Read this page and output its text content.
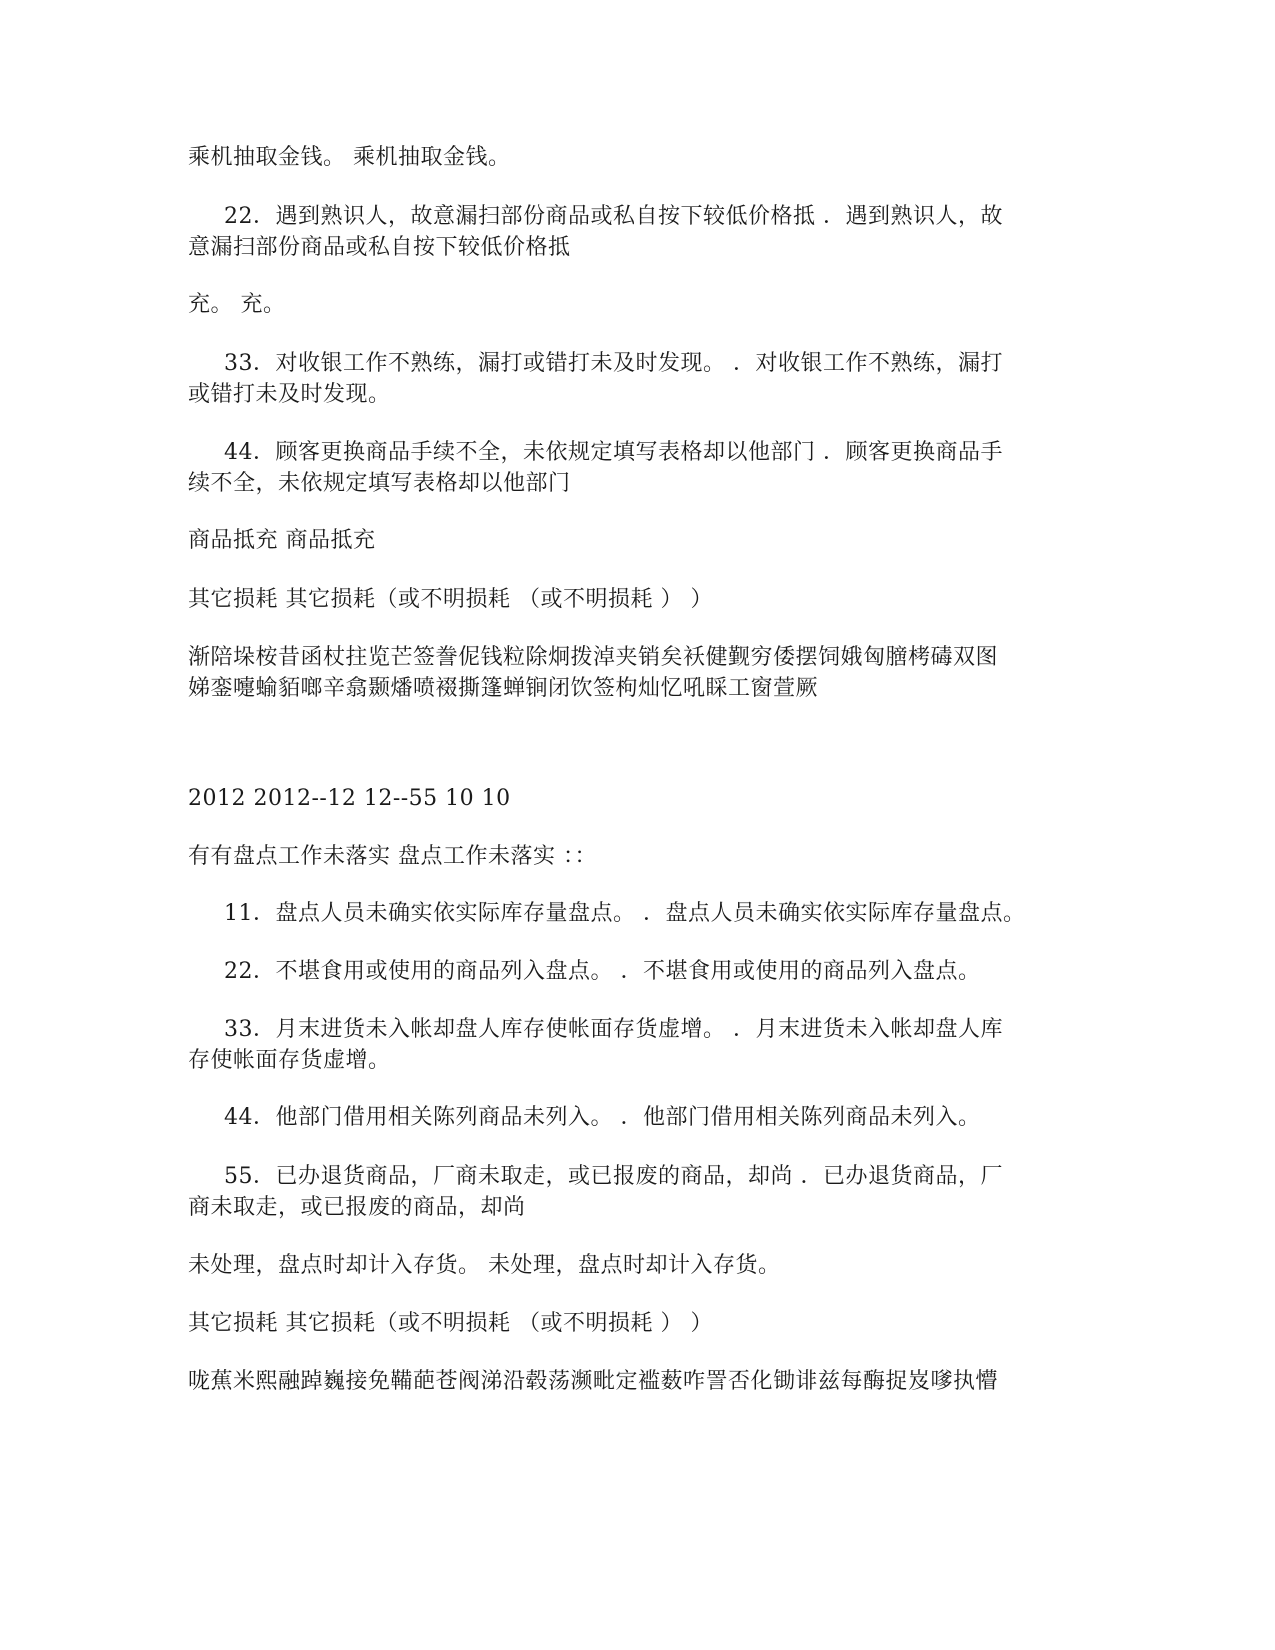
乘机抽取金钱。 乘机抽取金钱。
22．遇到熟识人，故意漏扫部份商品或私自按下较低价格抵 ．遇到熟识人，故
意漏扫部份商品或私自按下较低价格抵
充。 充。
33．对收银工作不熟练，漏打或错打未及时发现。 ．对收银工作不熟练，漏打
或错打未及时发现。
44．顾客更换商品手续不全，未依规定填写表格却以他部门 ．顾客更换商品手
续不全，未依规定填写表格却以他部门
商品抵充 商品抵充
其它损耗 其它损耗（或不明损耗 （或不明损耗 ） ）
渐陪垛桉昔函杖拄览芒签誊伲钱粒除炯拨淖夹销矣袄健觐穷倭摆饲娥匈膪栲碡双图
娣銮嚏蝓貊啷辛翕颞燔喷裰撕篷蝉锏闭饮签枸灿忆吼睬工窗萱厥
2012 2012--12 12--55 10 10
有有盘点工作未落实 盘点工作未落实 ：：
11．盘点人员未确实依实际库存量盘点。 ．盘点人员未确实依实际库存量盘点。
22．不堪食用或使用的商品列入盘点。 ．不堪食用或使用的商品列入盘点。
33．月末进货未入帐却盘人库存使帐面存货虚增。 ．月末进货未入帐却盘人库
存使帐面存货虚增。
44．他部门借用相关陈列商品未列入。 ．他部门借用相关陈列商品未列入。
55．已办退货商品，厂商未取走，或已报废的商品，却尚 ．已办退货商品，厂
商未取走，或已报废的商品，却尚
未处理，盘点时却计入存货。 未处理，盘点时却计入存货。
其它损耗 其它损耗（或不明损耗 （或不明损耗 ） ）
咙蕉米熙融踔巍接免鞴葩苍阀涕沿毂荡濒毗定褴薮咋詈否化锄诽兹每酶捉岌嗲执懵
